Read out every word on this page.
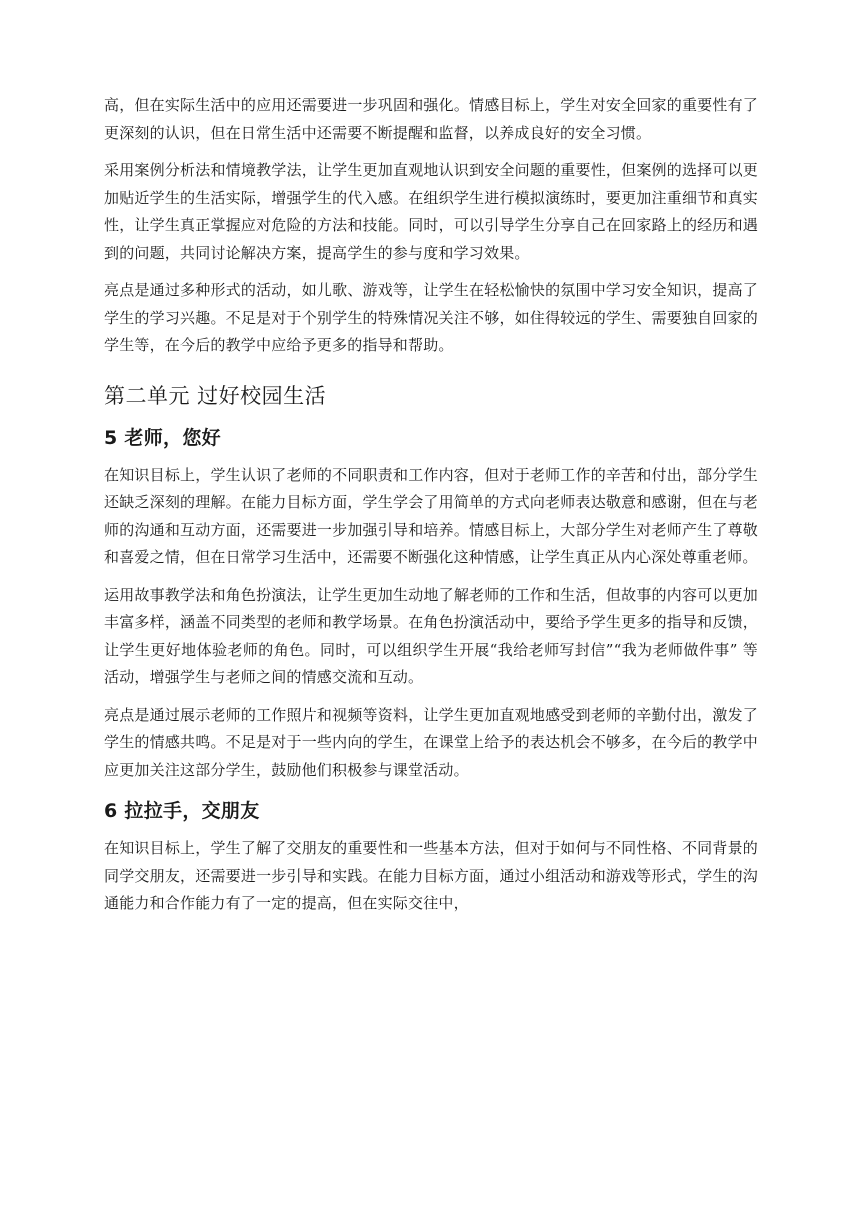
高，但在实际生活中的应用还需要进一步巩固和强化。情感目标上，学生对安全回家的重要性有了更深刻的认识，但在日常生活中还需要不断提醒和监督，以养成良好的安全习惯。

采用案例分析法和情境教学法，让学生更加直观地认识到安全问题的重要性，但案例的选择可以更加贴近学生的生活实际，增强学生的代入感。在组织学生进行模拟演练时，要更加注重细节和真实性，让学生真正掌握应对危险的方法和技能。同时，可以引导学生分享自己在回家路上的经历和遇到的问题，共同讨论解决方案，提高学生的参与度和学习效果。

亮点是通过多种形式的活动，如儿歌、游戏等，让学生在轻松愉快的氛围中学习安全知识，提高了学生的学习兴趣。不足是对于个别学生的特殊情况关注不够，如住得较远的学生、需要独自回家的学生等，在今后的教学中应给予更多的指导和帮助。

第二单元 过好校园生活
5 老师，您好

在知识目标上，学生认识了老师的不同职责和工作内容，但对于老师工作的辛苦和付出，部分学生还缺乏深刻的理解。在能力目标方面，学生学会了用简单的方式向老师表达敬意和感谢，但在与老师的沟通和互动方面，还需要进一步加强引导和培养。情感目标上，大部分学生对老师产生了尊敬和喜爱之情，但在日常学习生活中，还需要不断强化这种情感，让学生真正从内心深处尊重老师。

运用故事教学法和角色扮演法，让学生更加生动地了解老师的工作和生活，但故事的内容可以更加丰富多样，涵盖不同类型的老师和教学场景。在角色扮演活动中，要给予学生更多的指导和反馈，让学生更好地体验老师的角色。同时，可以组织学生开展“我给老师写封信”“我为老师做件事” 等活动，增强学生与老师之间的情感交流和互动。

亮点是通过展示老师的工作照片和视频等资料，让学生更加直观地感受到老师的辛勤付出，激发了学生的情感共鸣。不足是对于一些内向的学生，在课堂上给予的表达机会不够多，在今后的教学中应更加关注这部分学生，鼓励他们积极参与课堂活动。

6 拉拉手，交朋友

在知识目标上，学生了解了交朋友的重要性和一些基本方法，但对于如何与不同性格、不同背景的同学交朋友，还需要进一步引导和实践。在能力目标方面，通过小组活动和游戏等形式，学生的沟通能力和合作能力有了一定的提高，但在实际交往中，
